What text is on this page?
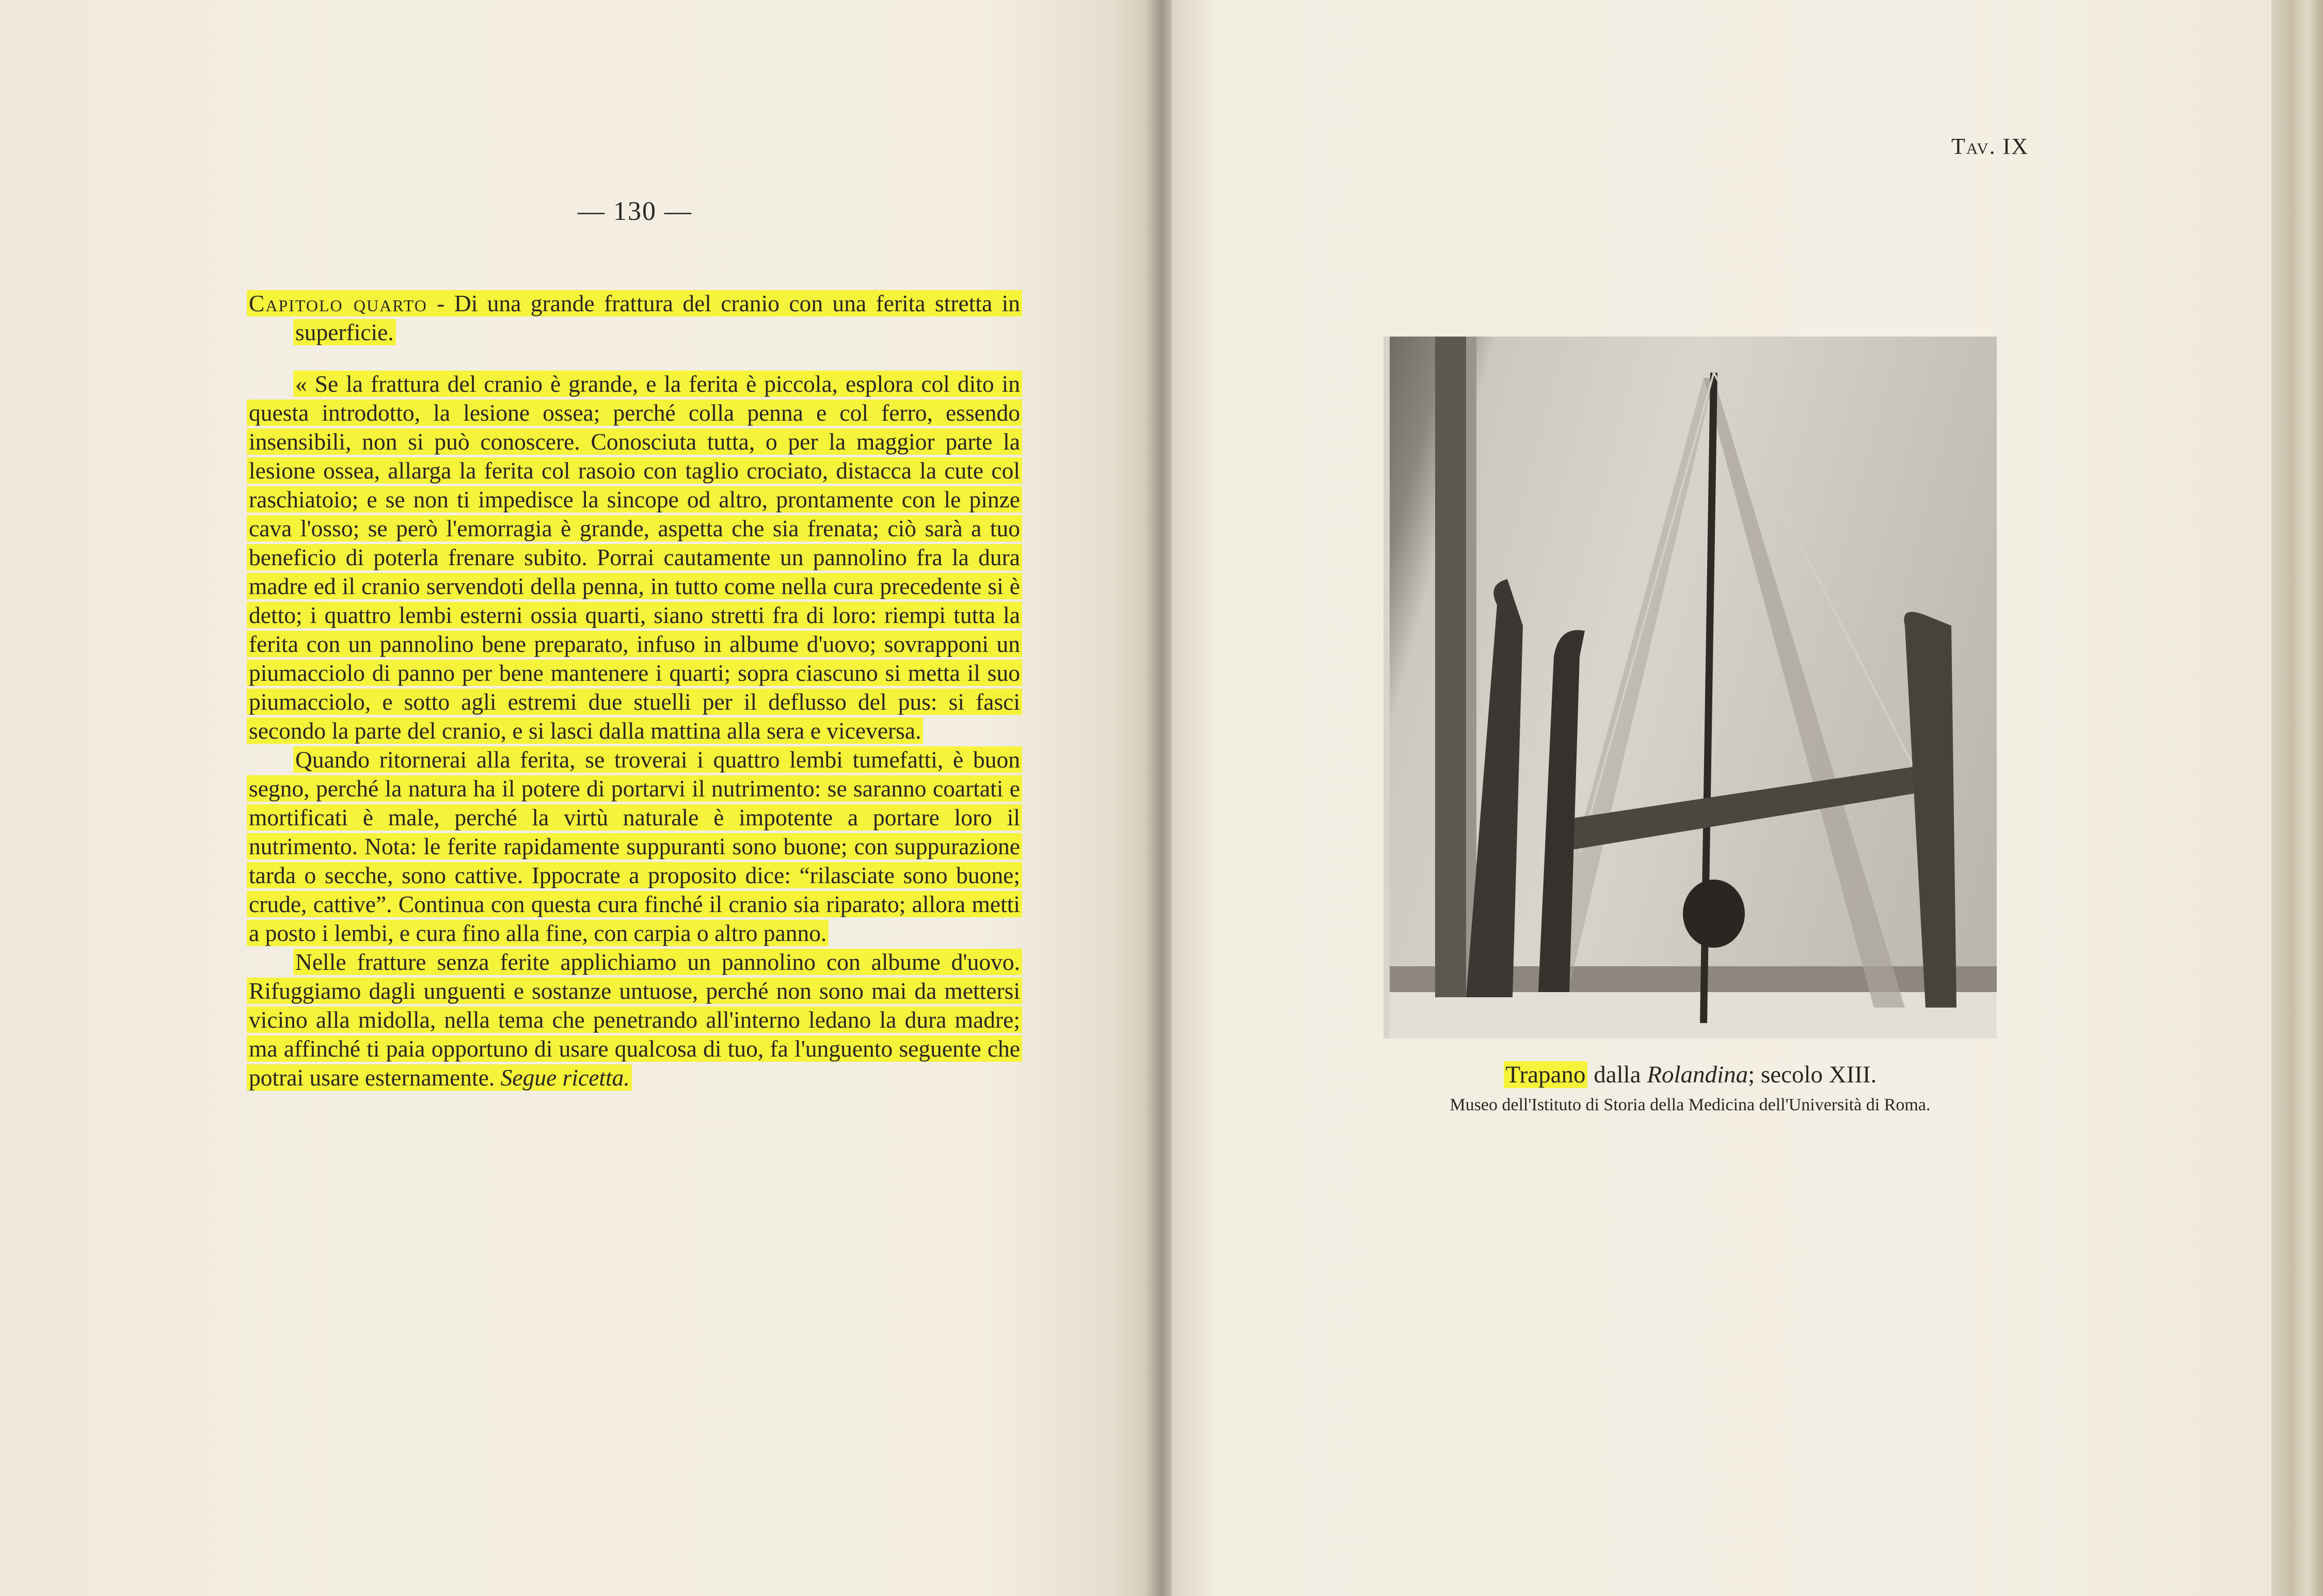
— 130 —

Capitolo quarto - Di una grande frattura del cranio con una ferita stretta in superficie.

« Se la frattura del cranio è grande, e la ferita è piccola, esplora col dito in questa introdotto, la lesione ossea; perché colla penna e col ferro, essendo insensibili, non si può conoscere. Conosciuta tutta, o per la maggior parte la lesione ossea, allarga la ferita col rasoio con taglio crociato, distacca la cute col raschiatoio; e se non ti impedisce la sincope od altro, prontamente con le pinze cava l'osso; se però l'emorragia è grande, aspetta che sia frenata; ciò sarà a tuo beneficio di poterla frenare subito. Porrai cautamente un pannolino fra la dura madre ed il cranio servendoti della penna, in tutto come nella cura precedente si è detto; i quattro lembi esterni ossia quarti, siano stretti fra di loro: riempi tutta la ferita con un pannolino bene preparato, infuso in albume d'uovo; sovrapponi un piumacciolo di panno per bene mantenere i quarti; sopra ciascuno si metta il suo piumacciolo, e sotto agli estremi due stuelli per il deflusso del pus: si fasci secondo la parte del cranio, e si lasci dalla mattina alla sera e viceversa.

Quando ritornerai alla ferita, se troverai i quattro lembi tumefatti, è buon segno, perché la natura ha il potere di portarvi il nutrimento: se saranno coartati e mortificati è male, perché la virtù naturale è impotente a portare loro il nutrimento. Nota: le ferite rapidamente suppuranti sono buone; con suppurazione tarda o secche, sono cattive. Ippocrate a proposito dice: “rilasciate sono buone; crude, cattive”. Continua con questa cura finché il cranio sia riparato; allora metti a posto i lembi, e cura fino alla fine, con carpia o altro panno.

Nelle fratture senza ferite applichiamo un pannolino con albume d'uovo. Rifuggiamo dagli unguenti e sostanze untuose, perché non sono mai da mettersi vicino alla midolla, nella tema che penetrando all'interno ledano la dura madre; ma affinché ti paia opportuno di usare qualcosa di tuo, fa l'unguento seguente che potrai usare esternamente. Segue ricetta.

Tav. IX
Trapano dalla Rolandina; secolo XIII.
Museo dell'Istituto di Storia della Medicina dell'Università di Roma.
